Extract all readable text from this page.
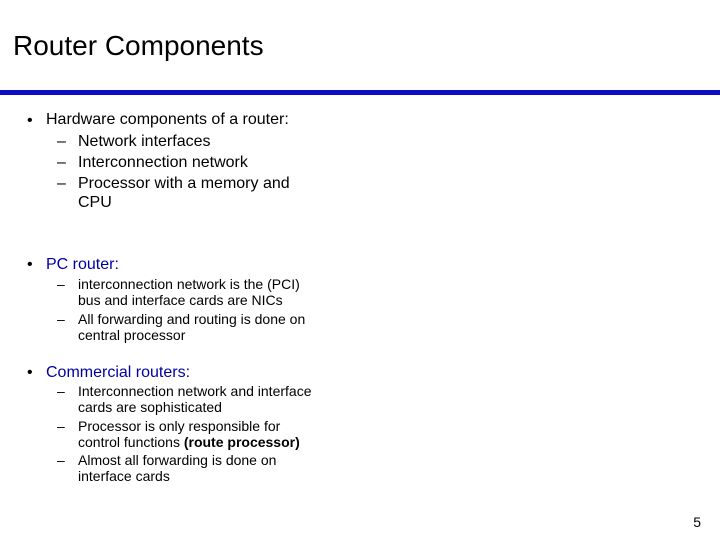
Router Components
• Hardware components of a router:
– Network interfaces
– Interconnection network
– Processor with a memory and
CPU
• PC router:
– interconnection network is the (PCI)
bus and interface cards are NICs
– All forwarding and routing is done on
central processor
• Commercial routers:
– Interconnection network and interface
cards are sophisticated
– Processor is only responsible for
control functions (route processor)
– Almost all forwarding is done on
interface cards
5
